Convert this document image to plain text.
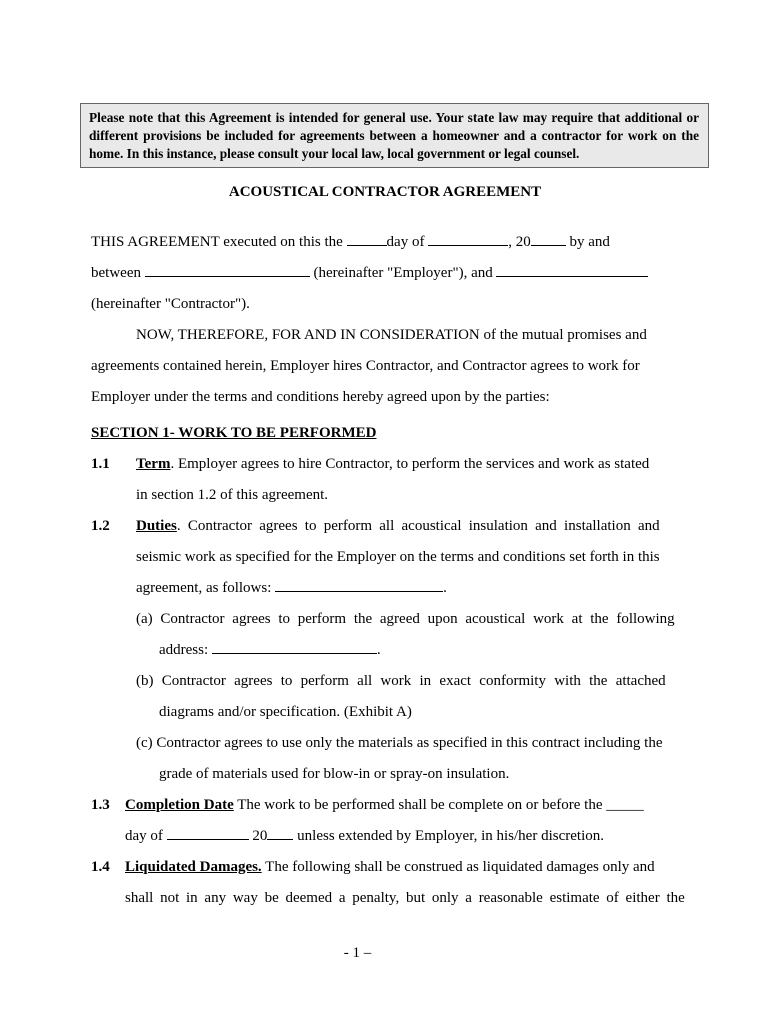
Please note that this Agreement is intended for general use. Your state law may require that additional or different provisions be included for agreements between a homeowner and a contractor for work on the home. In this instance, please consult your local law, local government or legal counsel.
ACOUSTICAL CONTRACTOR AGREEMENT
THIS AGREEMENT executed on this the	day of	, 20 by and
between	(hereinafter "Employer"), and
(hereinafter "Contractor").
NOW, THEREFORE, FOR AND IN CONSIDERATION of the mutual promises and
agreements contained herein, Employer hires Contractor, and Contractor agrees to work for
Employer under the terms and conditions hereby agreed upon by the parties:
SECTION 1- WORK TO BE PERFORMED
1.1 Term. Employer agrees to hire Contractor, to perform the services and work as stated
in section 1.2 of this agreement.
1.2 Duties. Contractor agrees to perform all acoustical insulation and installation and
seismic work as specified for the Employer on the terms and conditions set forth in this
agreement, as follows:	.
(a) Contractor agrees to perform the agreed upon acoustical work at the following
address:	.
(b) Contractor agrees to perform all work in exact conformity with the attached
diagrams and/or specification. (Exhibit A)
(c) Contractor agrees to use only the materials as specified in this contract including the
grade of materials used for blow-in or spray-on insulation.
1.3 Completion Date The work to be performed shall be complete on or before the _____
day of	20 unless extended by Employer, in his/her discretion.
1.4 Liquidated Damages. The following shall be construed as liquidated damages only and
shall not in any way be deemed a penalty, but only a reasonable estimate of either the
- 1 –
